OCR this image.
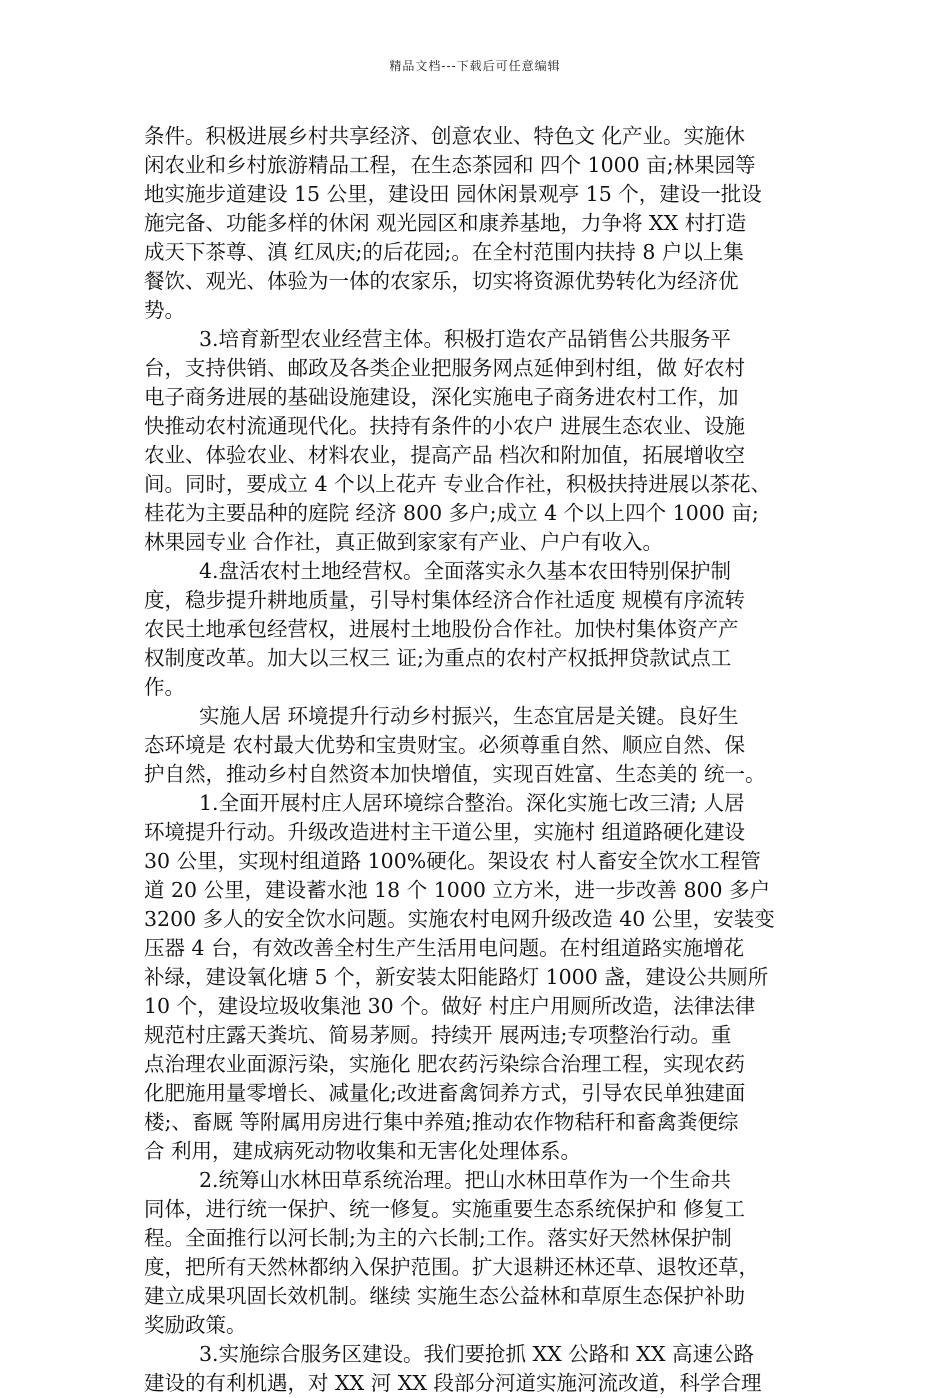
精品文档---下载后可任意编辑
条件。积极进展乡村共享经济、创意农业、特色文 化产业。实施休
闲农业和乡村旅游精品工程，在生态茶园和 四个 1000 亩;林果园等
地实施步道建设 15 公里，建设田 园休闲景观亭 15 个，建设一批设
施完备、功能多样的休闲 观光园区和康养基地，力争将 XX 村打造
成天下茶尊、滇 红凤庆;的后花园;。在全村范围内扶持 8 户以上集
餐饮、观光、体验为一体的农家乐，切实将资源优势转化为经济优
势。
3.培育新型农业经营主体。积极打造农产品销售公共服务平
台，支持供销、邮政及各类企业把服务网点延伸到村组，做 好农村
电子商务进展的基础设施建设，深化实施电子商务进农村工作，加
快推动农村流通现代化。扶持有条件的小农户 进展生态农业、设施
农业、体验农业、材料农业，提高产品 档次和附加值，拓展增收空
间。同时，要成立 4 个以上花卉 专业合作社，积极扶持进展以茶花、
桂花为主要品种的庭院 经济 800 多户;成立 4 个以上四个 1000 亩;
林果园专业 合作社，真正做到家家有产业、户户有收入。
4.盘活农村土地经营权。全面落实永久基本农田特别保护制
度，稳步提升耕地质量，引导村集体经济合作社适度 规模有序流转
农民土地承包经营权，进展村土地股份合作社。加快村集体资产产
权制度改革。加大以三权三 证;为重点的农村产权抵押贷款试点工
作。
实施人居 环境提升行动乡村振兴，生态宜居是关键。良好生
态环境是 农村最大优势和宝贵财宝。必须尊重自然、顺应自然、保
护自然，推动乡村自然资本加快增值，实现百姓富、生态美的 统一。
1.全面开展村庄人居环境综合整治。深化实施七改三清; 人居
环境提升行动。升级改造进村主干道公里，实施村 组道路硬化建设
30 公里，实现村组道路 100%硬化。架设农 村人畜安全饮水工程管
道 20 公里，建设蓄水池 18 个 1000 立方米，进一步改善 800 多户
3200 多人的安全饮水问题。实施农村电网升级改造 40 公里，安装变
压器 4 台，有效改善全村生产生活用电问题。在村组道路实施增花
补绿，建设氧化塘 5 个，新安装太阳能路灯 1000 盏，建设公共厕所
10 个，建设垃圾收集池 30 个。做好 村庄户用厕所改造，法律法律
规范村庄露天粪坑、简易茅厕。持续开 展两违;专项整治行动。重
点治理农业面源污染，实施化 肥农药污染综合治理工程，实现农药
化肥施用量零增长、减量化;改进畜禽饲养方式，引导农民单独建面
楼;、畜厩 等附属用房进行集中养殖;推动农作物秸秆和畜禽粪便综
合 利用，建成病死动物收集和无害化处理体系。
2.统筹山水林田草系统治理。把山水林田草作为一个生命共
同体，进行统一保护、统一修复。实施重要生态系统保护和 修复工
程。全面推行以河长制;为主的六长制;工作。落实好天然林保护制
度，把所有天然林都纳入保护范围。扩大退耕还林还草、退牧还草，
建立成果巩固长效机制。继续 实施生态公益林和草原生态保护补助
奖励政策。
3.实施综合服务区建设。我们要抢抓 XX 公路和 XX 高速公路
建设的有利机遇，对 XX 河 XX 段部分河道实施河流改道，科学合理
